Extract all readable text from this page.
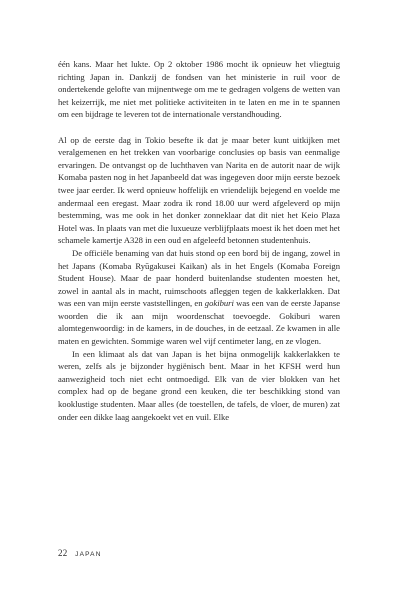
één kans. Maar het lukte. Op 2 oktober 1986 mocht ik opnieuw het vliegtuig richting Japan in. Dankzij de fondsen van het ministerie in ruil voor de ondertekende gelofte van mijnentwege om me te gedragen volgens de wetten van het keizerrijk, me niet met politieke activiteiten in te laten en me in te spannen om een bijdrage te leveren tot de internationale verstandhouding.

Al op de eerste dag in Tokio besefte ik dat je maar beter kunt uitkijken met veralgemenen en het trekken van voorbarige conclusies op basis van eenmalige ervaringen. De ontvangst op de luchthaven van Narita en de autorit naar de wijk Komaba pasten nog in het Japanbeeld dat was ingegeven door mijn eerste bezoek twee jaar eerder. Ik werd opnieuw hoffelijk en vriendelijk bejegend en voelde me andermaal een eregast. Maar zodra ik rond 18.00 uur werd afgeleverd op mijn bestemming, was me ook in het donker zonneklaar dat dit niet het Keio Plaza Hotel was. In plaats van met die luxueuze verblijfplaats moest ik het doen met het schamele kamertje A328 in een oud en afgeleefd betonnen studentenhuis.

De officiële benaming van dat huis stond op een bord bij de ingang, zowel in het Japans (Komaba Ryūgakusei Kaikan) als in het Engels (Komaba Foreign Student House). Maar de paar honderd buitenlandse studenten moesten het, zowel in aantal als in macht, ruimschoots afleggen tegen de kakkerlakken. Dat was een van mijn eerste vaststellingen, en gokiburi was een van de eerste Japanse woorden die ik aan mijn woordenschat toevoegde. Gokiburi waren alomtegenwoordig: in de kamers, in de douches, in de eetzaal. Ze kwamen in alle maten en gewichten. Sommige waren wel vijf centimeter lang, en ze vlogen.

In een klimaat als dat van Japan is het bijna onmogelijk kakkerlakken te weren, zelfs als je bijzonder hygiënisch bent. Maar in het KFSH werd hun aanwezigheid toch niet echt ontmoedigd. Elk van de vier blokken van het complex had op de begane grond een keuken, die ter beschikking stond van kooklustige studenten. Maar alles (de toestellen, de tafels, de vloer, de muren) zat onder een dikke laag aangekoekt vet en vuil. Elke

22 JAPAN
